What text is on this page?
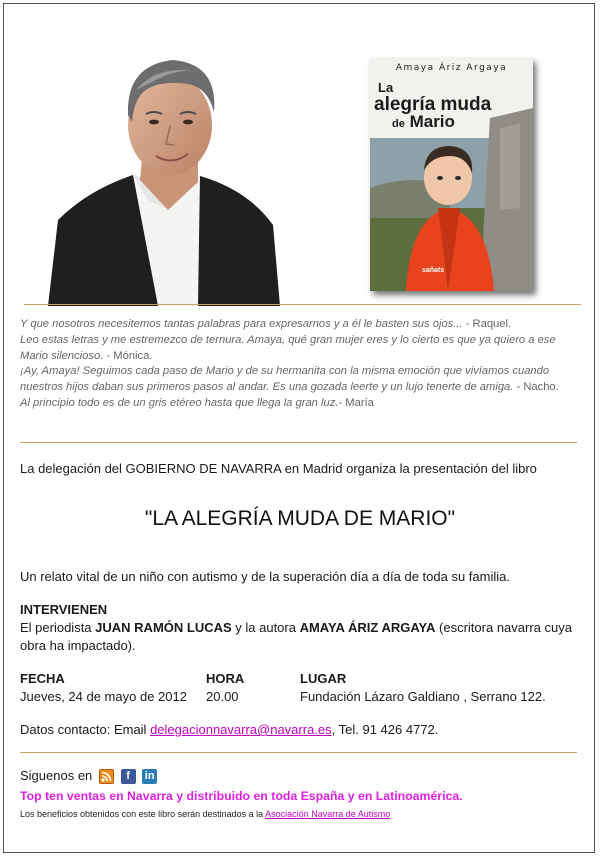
Amaya Áriz Argaya
La
alegría muda
de Mario
sañats

Y que nosotros necesitemos tantas palabras para expresarnos y a él le basten sus ojos... - Raquel.

Leo estas letras y me estremezco de ternura. Amaya, qué gran mujer eres y lo cierto es que ya quiero a ese Mario silencioso. - Mónica.

¡Ay, Amaya! Seguimos cada paso de Mario y de su hermanita con la misma emoción que vivíamos cuando nuestros hijos daban sus primeros pasos al andar. Es una gozada leerte y un lujo tenerte de amiga. - Nacho.

Al principio todo es de un gris etéreo hasta que llega la gran luz.- María

La delegación del GOBIERNO DE NAVARRA en Madrid organiza la presentación del libro
"LA ALEGRÍA MUDA DE MARIO"
Un relato vital de un niño con autismo y de la superación día a día de toda su familia.
INTERVIENEN
El periodista JUAN RAMÓN LUCAS y la autora AMAYA ÁRIZ ARGAYA (escritora navarra cuya obra ha impactado).
FECHA
Jueves, 24 de mayo de 2012
HORA
20.00
LUGAR
Fundación Lázaro Galdiano , Serrano 122.
Datos contacto: Email delegacionnavarra@navarra.es, Tel. 91 426 4772.
Siguenos en	f in
Top ten ventas en Navarra y distribuido en toda España y en Latinoamérica.
Los beneficios obtenidos con este libro serán destinados a la Asociación Navarra de Autismo
